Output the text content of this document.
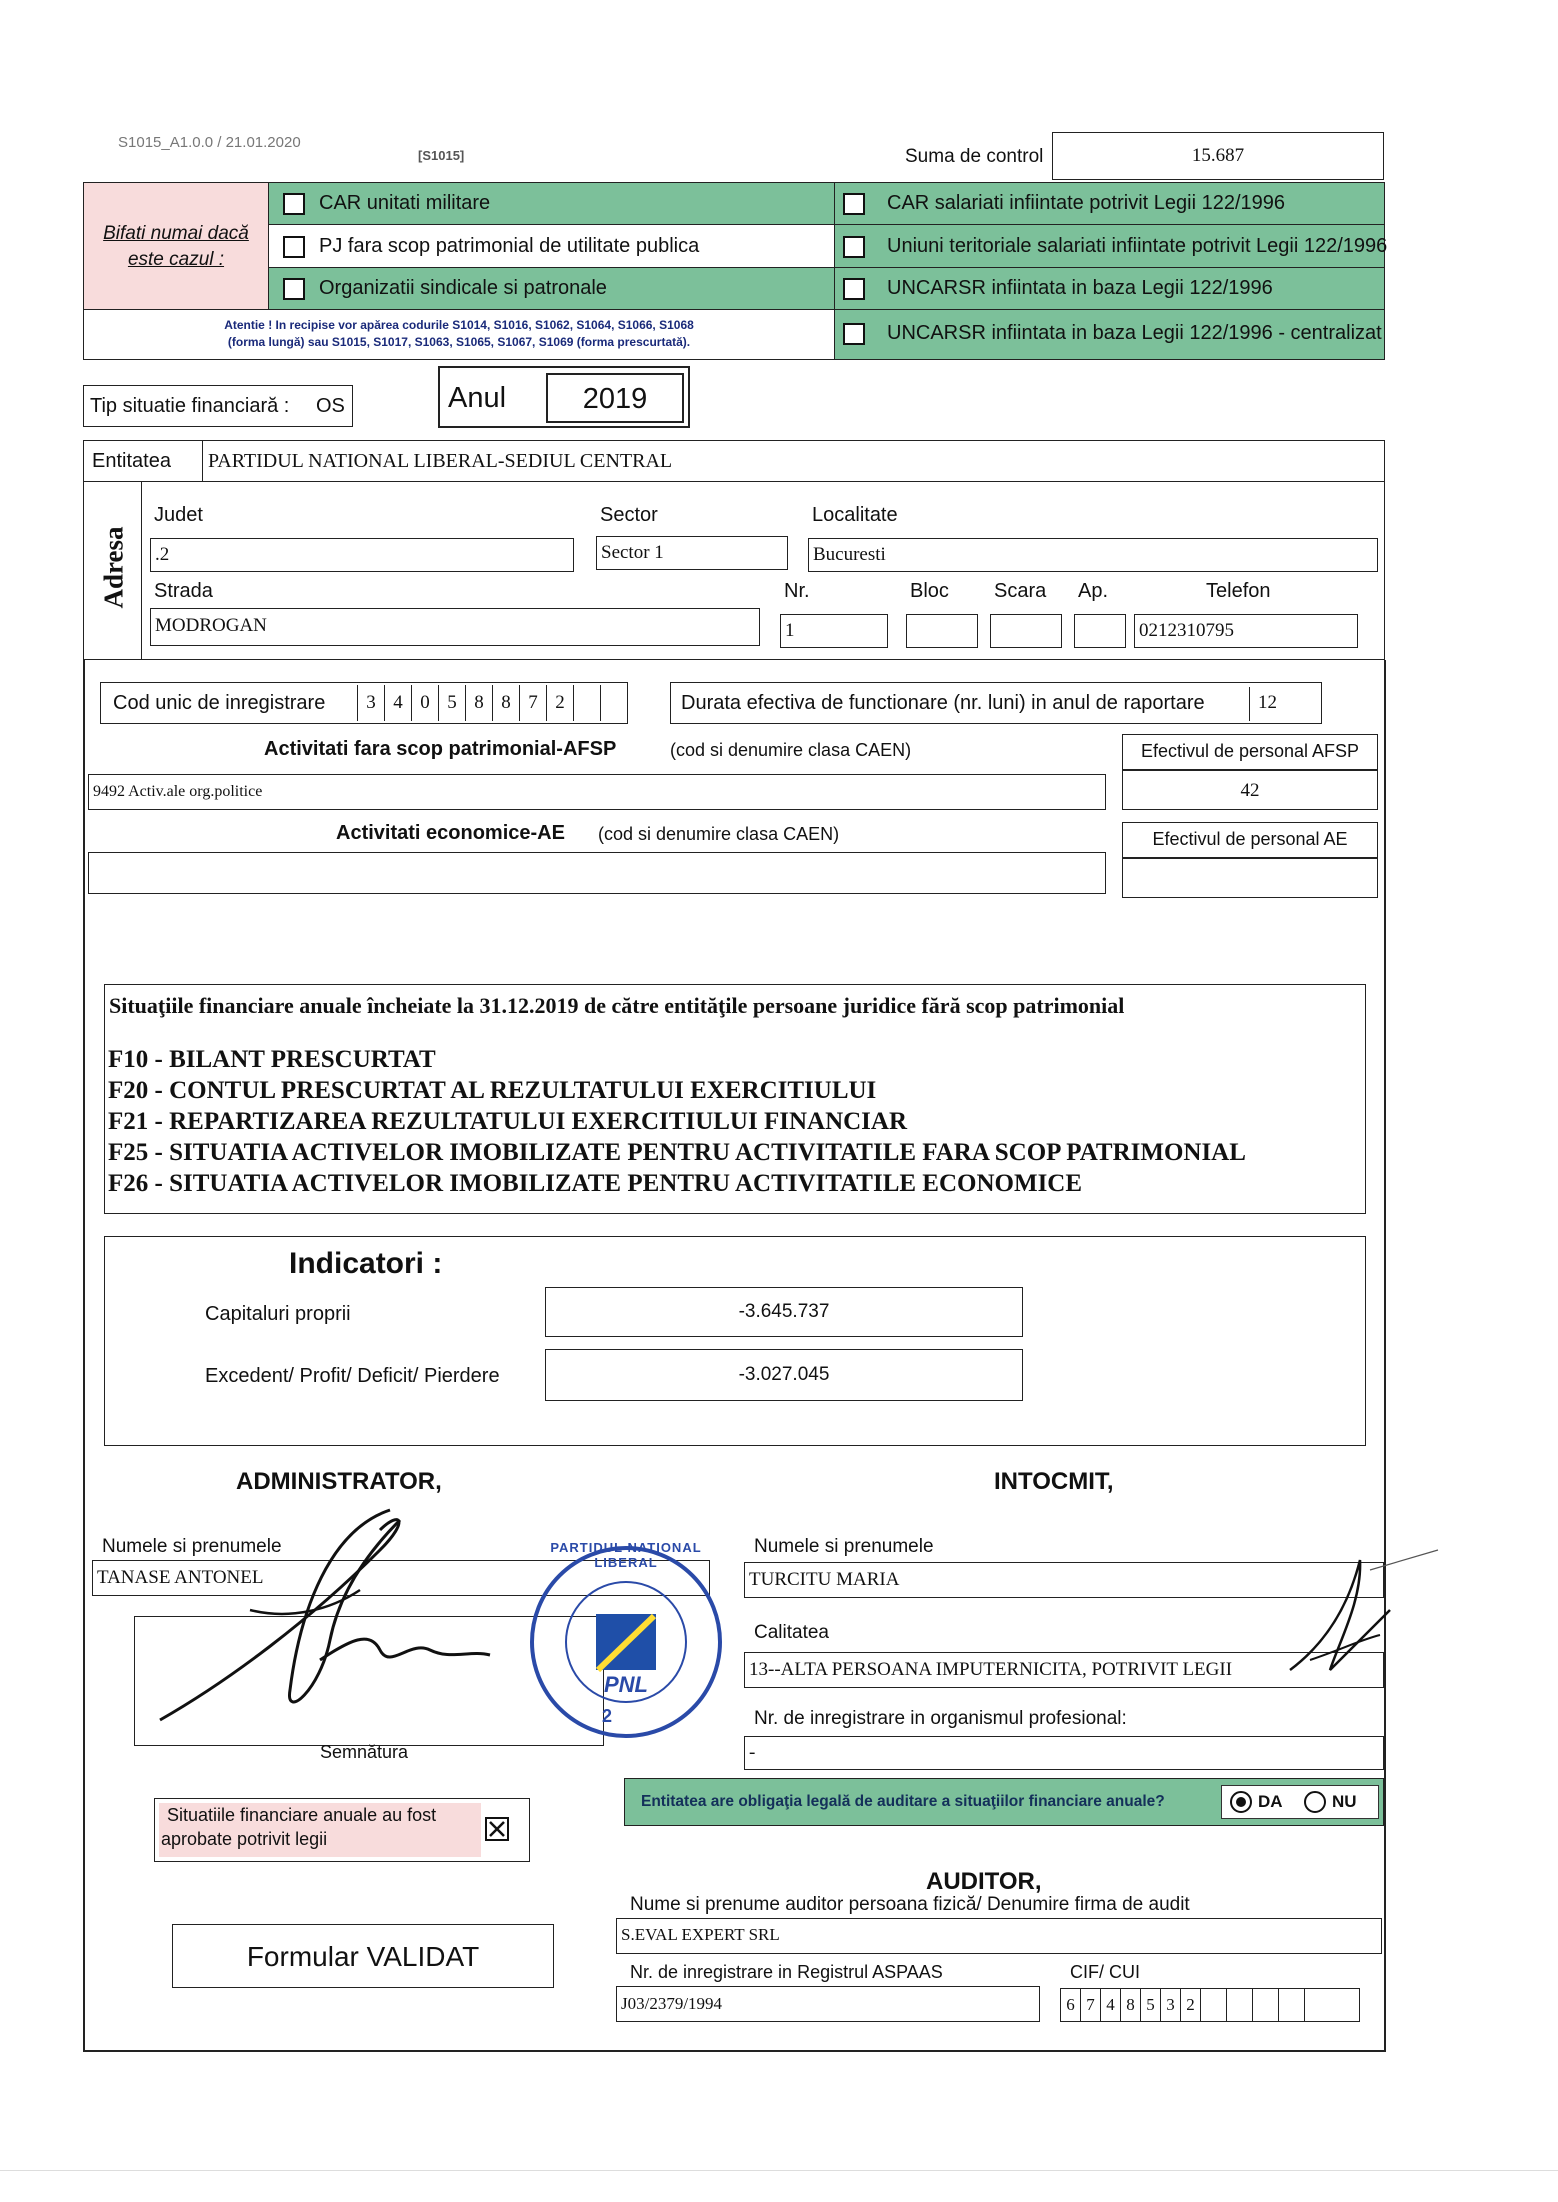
S1015_A1.0.0 / 21.01.2020
[S1015]	Suma de control	15.687
Bifati numai dacă
este cazul :
CAR unitati militare
PJ fara scop patrimonial de utilitate publica
Organizatii sindicale si patronale
Atentie ! In recipise vor apărea codurile S1014, S1016, S1062, S1064, S1066, S1068
(forma lungă) sau S1015, S1017, S1063, S1065, S1067, S1069 (forma prescurtată).
CAR salariati infiintate potrivit Legii 122/1996
Uniuni teritoriale salariati infiintate potrivit Legii 122/1996
UNCARSR infiintata in baza Legii 122/1996
UNCARSR infiintata in baza Legii 122/1996 - centralizat
Tip situatie financiară : OS	Anul	2019
Entitatea PARTIDUL NATIONAL LIBERAL-SEDIUL CENTRAL
Adresa
Judet
.2
Sector
Sector 1
Localitate
Bucuresti
Strada
MODROGAN
Nr.
1
Bloc Scara Ap.	Telefon
0212310795
Cod unic de inregistrare	3 4 0 5 8 8 7 2	Durata efectiva de functionare (nr. luni) in anul de raportare	12
Activitati fara scop patrimonial-AFSP	(cod si denumire clasa CAEN)
9492 Activ.ale org.politice
Efectivul de personal AFSP
42
Activitati economice-AE (cod si denumire clasa CAEN)	Efectivul de personal AE
Situaţiile financiare anuale încheiate la 31.12.2019 de către entităţile persoane juridice fără scop patrimonial
F10 - BILANT PRESCURTAT
F20 - CONTUL PRESCURTAT AL REZULTATULUI EXERCITIULUI
F21 - REPARTIZAREA REZULTATULUI EXERCITIULUI FINANCIAR
F25 - SITUATIA ACTIVELOR IMOBILIZATE PENTRU ACTIVITATILE FARA SCOP PATRIMONIAL
F26 - SITUATIA ACTIVELOR IMOBILIZATE PENTRU ACTIVITATILE ECONOMICE
Indicatori :
Capitaluri proprii	-3.645.737
Excedent/ Profit/ Deficit/ Pierdere	-3.027.045
ADMINISTRATOR,
Numele si prenumele
TANASE ANTONEL
Semnătura
PARTIDUL NATIONAL LIBERAL
PNL
2
INTOCMIT,
Numele si prenumele
TURCITU MARIA
Calitatea
13--ALTA PERSOANA IMPUTERNICITA, POTRIVIT LEGII
Nr. de inregistrare in organismul profesional:
-
Situatiile financiare anuale au fost
aprobate potrivit legii
Entitatea are obligaţia legală de auditare a situaţiilor financiare anuale?	DA	NU
AUDITOR,
Nume si prenume auditor persoana fizică/ Denumire firma de audit
S.EVAL EXPERT SRL
Nr. de inregistrare in Registrul ASPAAS
J03/2379/1994
CIF/ CUI
6 7 4 8 5 3 2
Formular VALIDAT
